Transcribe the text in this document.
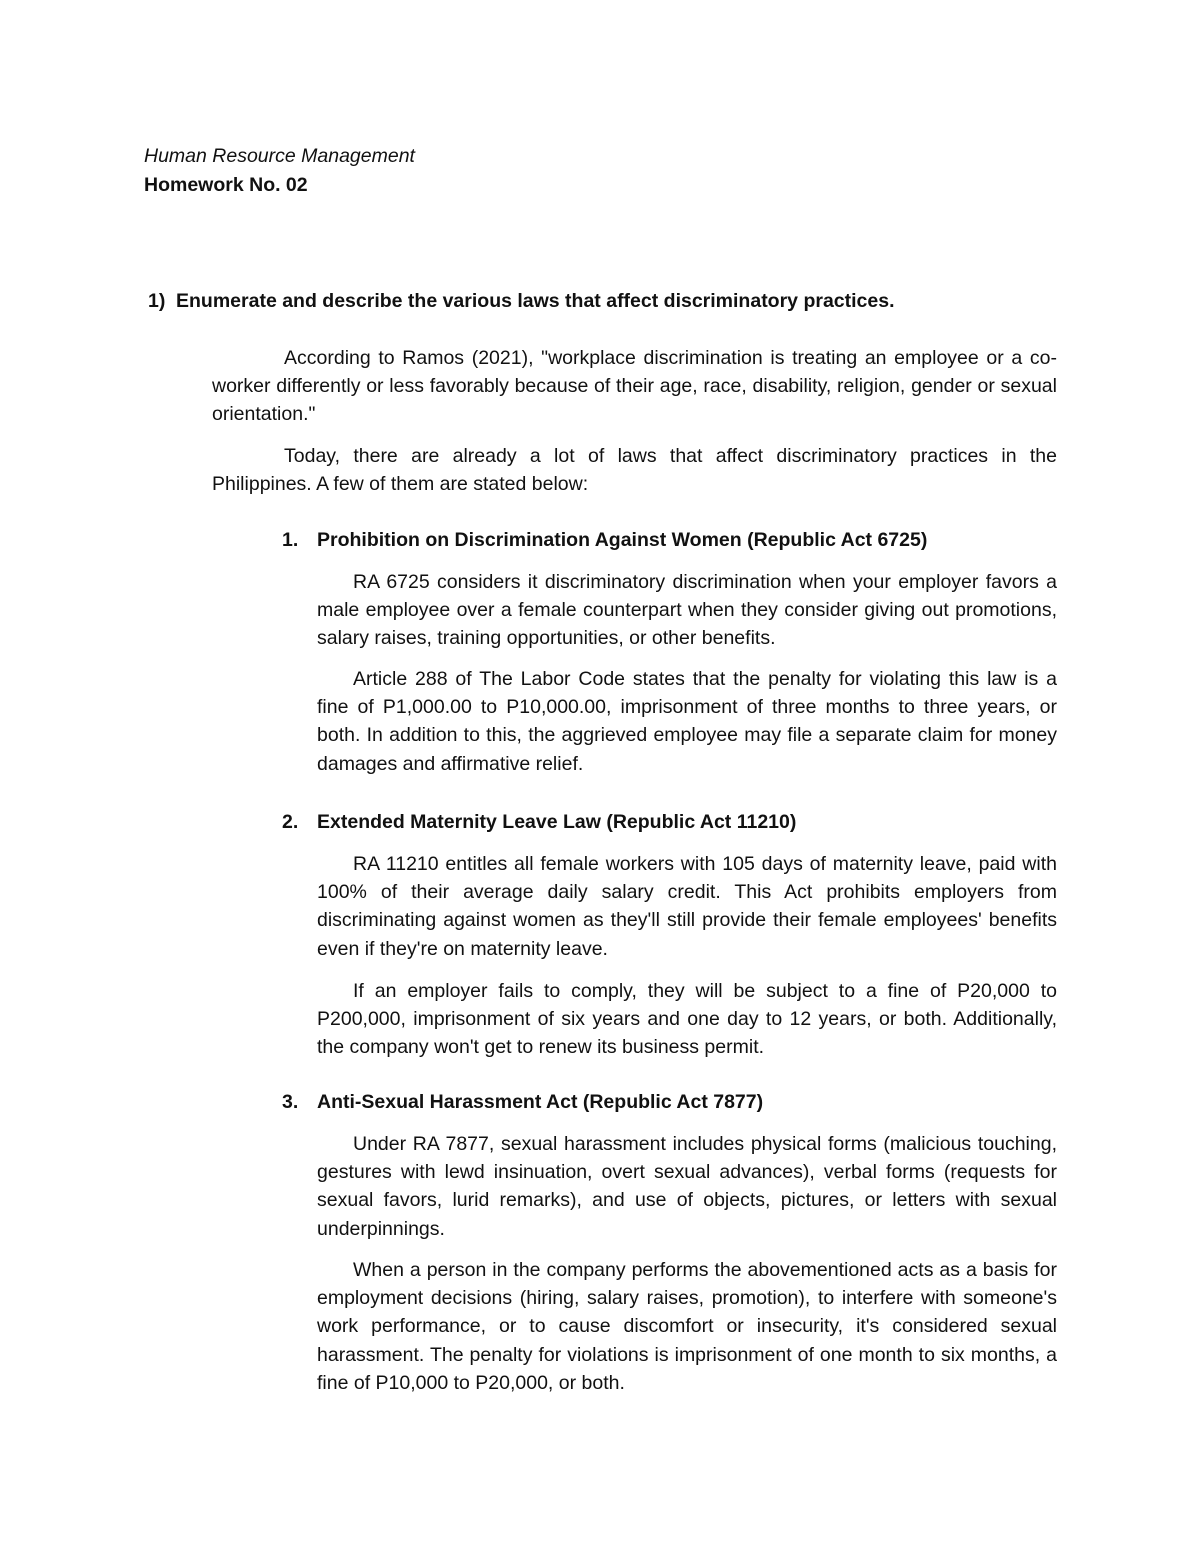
Human Resource Management
Homework No. 02
1) Enumerate and describe the various laws that affect discriminatory practices.

According to Ramos (2021), "workplace discrimination is treating an employee or a co-worker differently or less favorably because of their age, race, disability, religion, gender or sexual orientation."

Today, there are already a lot of laws that affect discriminatory practices in the Philippines. A few of them are stated below:

1. Prohibition on Discrimination Against Women (Republic Act 6725)

RA 6725 considers it discriminatory discrimination when your employer favors a male employee over a female counterpart when they consider giving out promotions, salary raises, training opportunities, or other benefits.

Article 288 of The Labor Code states that the penalty for violating this law is a fine of P1,000.00 to P10,000.00, imprisonment of three months to three years, or both. In addition to this, the aggrieved employee may file a separate claim for money damages and affirmative relief.

2. Extended Maternity Leave Law (Republic Act 11210)

RA 11210 entitles all female workers with 105 days of maternity leave, paid with 100% of their average daily salary credit. This Act prohibits employers from discriminating against women as they'll still provide their female employees' benefits even if they're on maternity leave.

If an employer fails to comply, they will be subject to a fine of P20,000 to P200,000, imprisonment of six years and one day to 12 years, or both. Additionally, the company won't get to renew its business permit.

3. Anti-Sexual Harassment Act (Republic Act 7877)

Under RA 7877, sexual harassment includes physical forms (malicious touching, gestures with lewd insinuation, overt sexual advances), verbal forms (requests for sexual favors, lurid remarks), and use of objects, pictures, or letters with sexual underpinnings.

When a person in the company performs the abovementioned acts as a basis for employment decisions (hiring, salary raises, promotion), to interfere with someone's work performance, or to cause discomfort or insecurity, it's considered sexual harassment. The penalty for violations is imprisonment of one month to six months, a fine of P10,000 to P20,000, or both.
